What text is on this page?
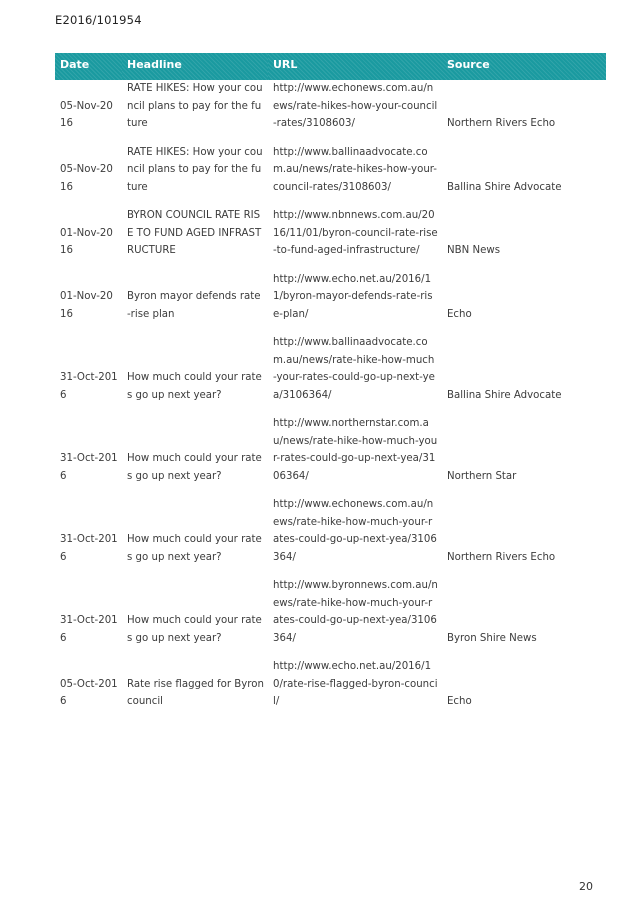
E2016/101954
Date	Headline	URL	Source

05-Nov-2016	RATE HIKES: How your council plans to pay for the future	http://www.echonews.com.au/news/rate-hikes-how-your-council-rates/3108603/	Northern Rivers Echo

05-Nov-2016	RATE HIKES: How your council plans to pay for the future	http://www.ballinaadvocate.com.au/news/rate-hikes-how-your-council-rates/3108603/	Ballina Shire Advocate

01-Nov-2016	BYRON COUNCIL RATE RISE TO FUND AGED INFRASTRUCTURE	http://www.nbnnews.com.au/2016/11/01/byron-council-rate-rise-to-fund-aged-infrastructure/	NBN News

01-Nov-2016	Byron mayor defends rate-rise plan	http://www.echo.net.au/2016/11/byron-mayor-defends-rate-rise-plan/	Echo

31-Oct-2016	How much could your rates go up next year?	http://www.ballinaadvocate.com.au/news/rate-hike-how-much-your-rates-could-go-up-next-yea/3106364/	Ballina Shire Advocate

31-Oct-2016	How much could your rates go up next year?	http://www.northernstar.com.au/news/rate-hike-how-much-your-rates-could-go-up-next-yea/3106364/	Northern Star

31-Oct-2016	How much could your rates go up next year?	http://www.echonews.com.au/news/rate-hike-how-much-your-rates-could-go-up-next-yea/3106364/	Northern Rivers Echo

31-Oct-2016	How much could your rates go up next year?	http://www.byronnews.com.au/news/rate-hike-how-much-your-rates-could-go-up-next-yea/3106364/	Byron Shire News

05-Oct-2016	Rate rise flagged for Byron council	http://www.echo.net.au/2016/10/rate-rise-flagged-byron-council/	Echo
20
